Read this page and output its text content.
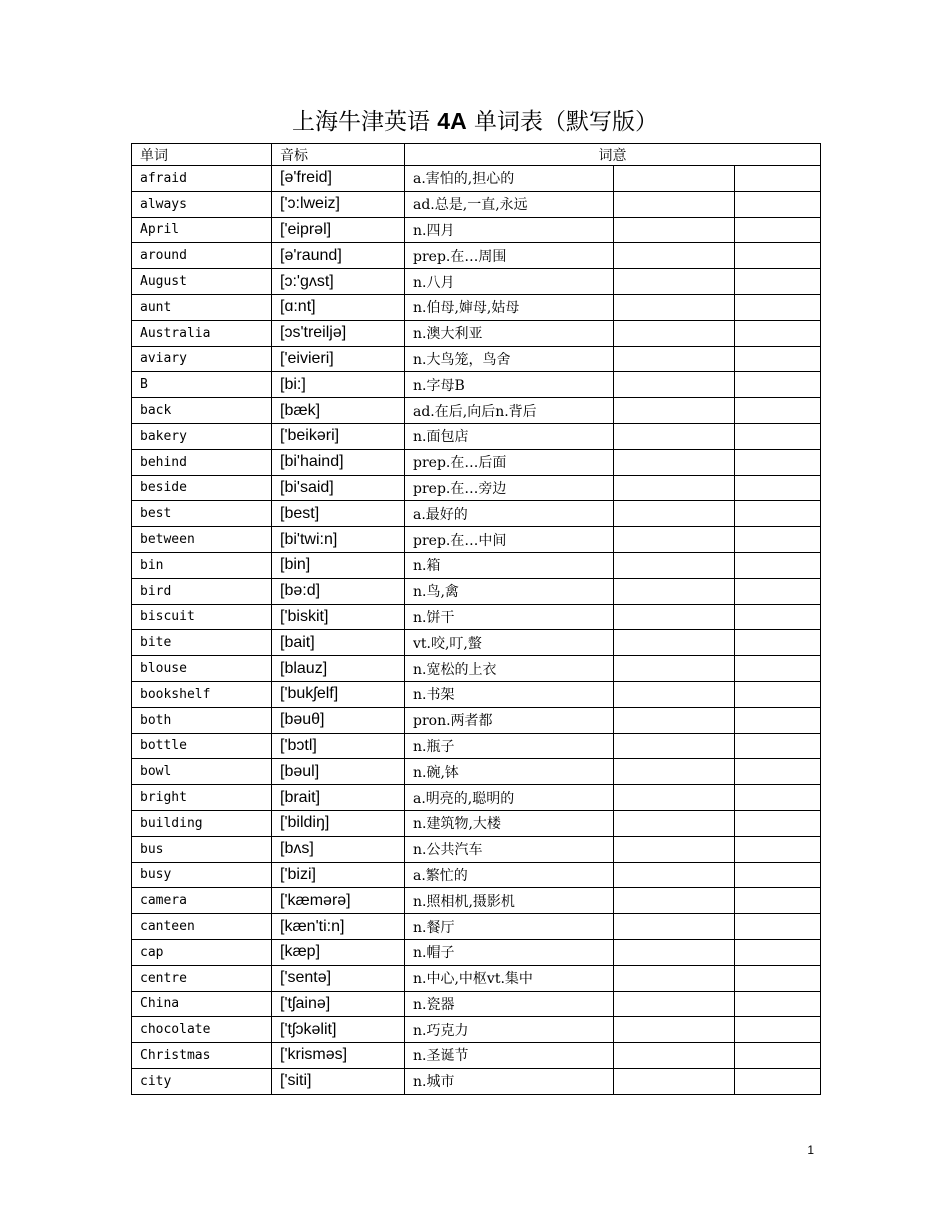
上海牛津英语 4A 单词表（默写版）
单词	音标	词意		
afraid	[ə'freid]	a.害怕的,担心的		
always	['ɔ:lweiz]	ad.总是,一直,永远		
April	['eiprəl]	n.四月		
around	[ə'raund]	prep.在…周围		
August	[ɔ:'gʌst]	n.八月		
aunt	[ɑ:nt]	n.伯母,婶母,姑母		
Australia	[ɔs'treiljə]	n.澳大利亚		
aviary	['eivieri]	n.大鸟笼，鸟舍		
B	[bi:]	n.字母B		
back	[bæk]	ad.在后,向后n.背后		
bakery	['beikəri]	n.面包店		
behind	[bi'haind]	prep.在…后面		
beside	[bi'said]	prep.在…旁边		
best	[best]	a.最好的		
between	[bi'twi:n]	prep.在…中间		
bin	[bin]	n.箱		
bird	[bə:d]	n.鸟,禽		
biscuit	['biskit]	n.饼干		
bite	[bait]	vt.咬,叮,螫		
blouse	[blauz]	n.宽松的上衣		
bookshelf	['bukʃelf]	n.书架		
both	[bəuθ]	pron.两者都		
bottle	['bɔtl]	n.瓶子		
bowl	[bəul]	n.碗,钵		
bright	[brait]	a.明亮的,聪明的		
building	['bildiŋ]	n.建筑物,大楼		
bus	[bʌs]	n.公共汽车		
busy	['bizi]	a.繁忙的		
camera	['kæmərə]	n.照相机,摄影机		
canteen	[kæn'ti:n]	n.餐厅		
cap	[kæp]	n.帽子		
centre	['sentə]	n.中心,中枢vt.集中		
China	['tʃainə]	n.瓷器		
chocolate	['tʃɔkəlit]	n.巧克力		
Christmas	['krisməs]	n.圣诞节		
city	['siti]	n.城市		
1
